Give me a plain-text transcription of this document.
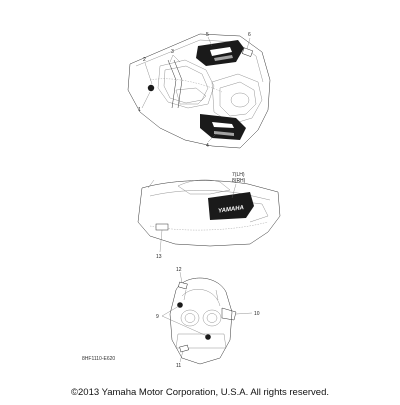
YAMAHA
1
2
3
5	6
4
7(LH)
8(RH)
13
12
9	10
11
8HF1110-E620
©2013 Yamaha Motor Corporation, U.S.A. All rights reserved.
